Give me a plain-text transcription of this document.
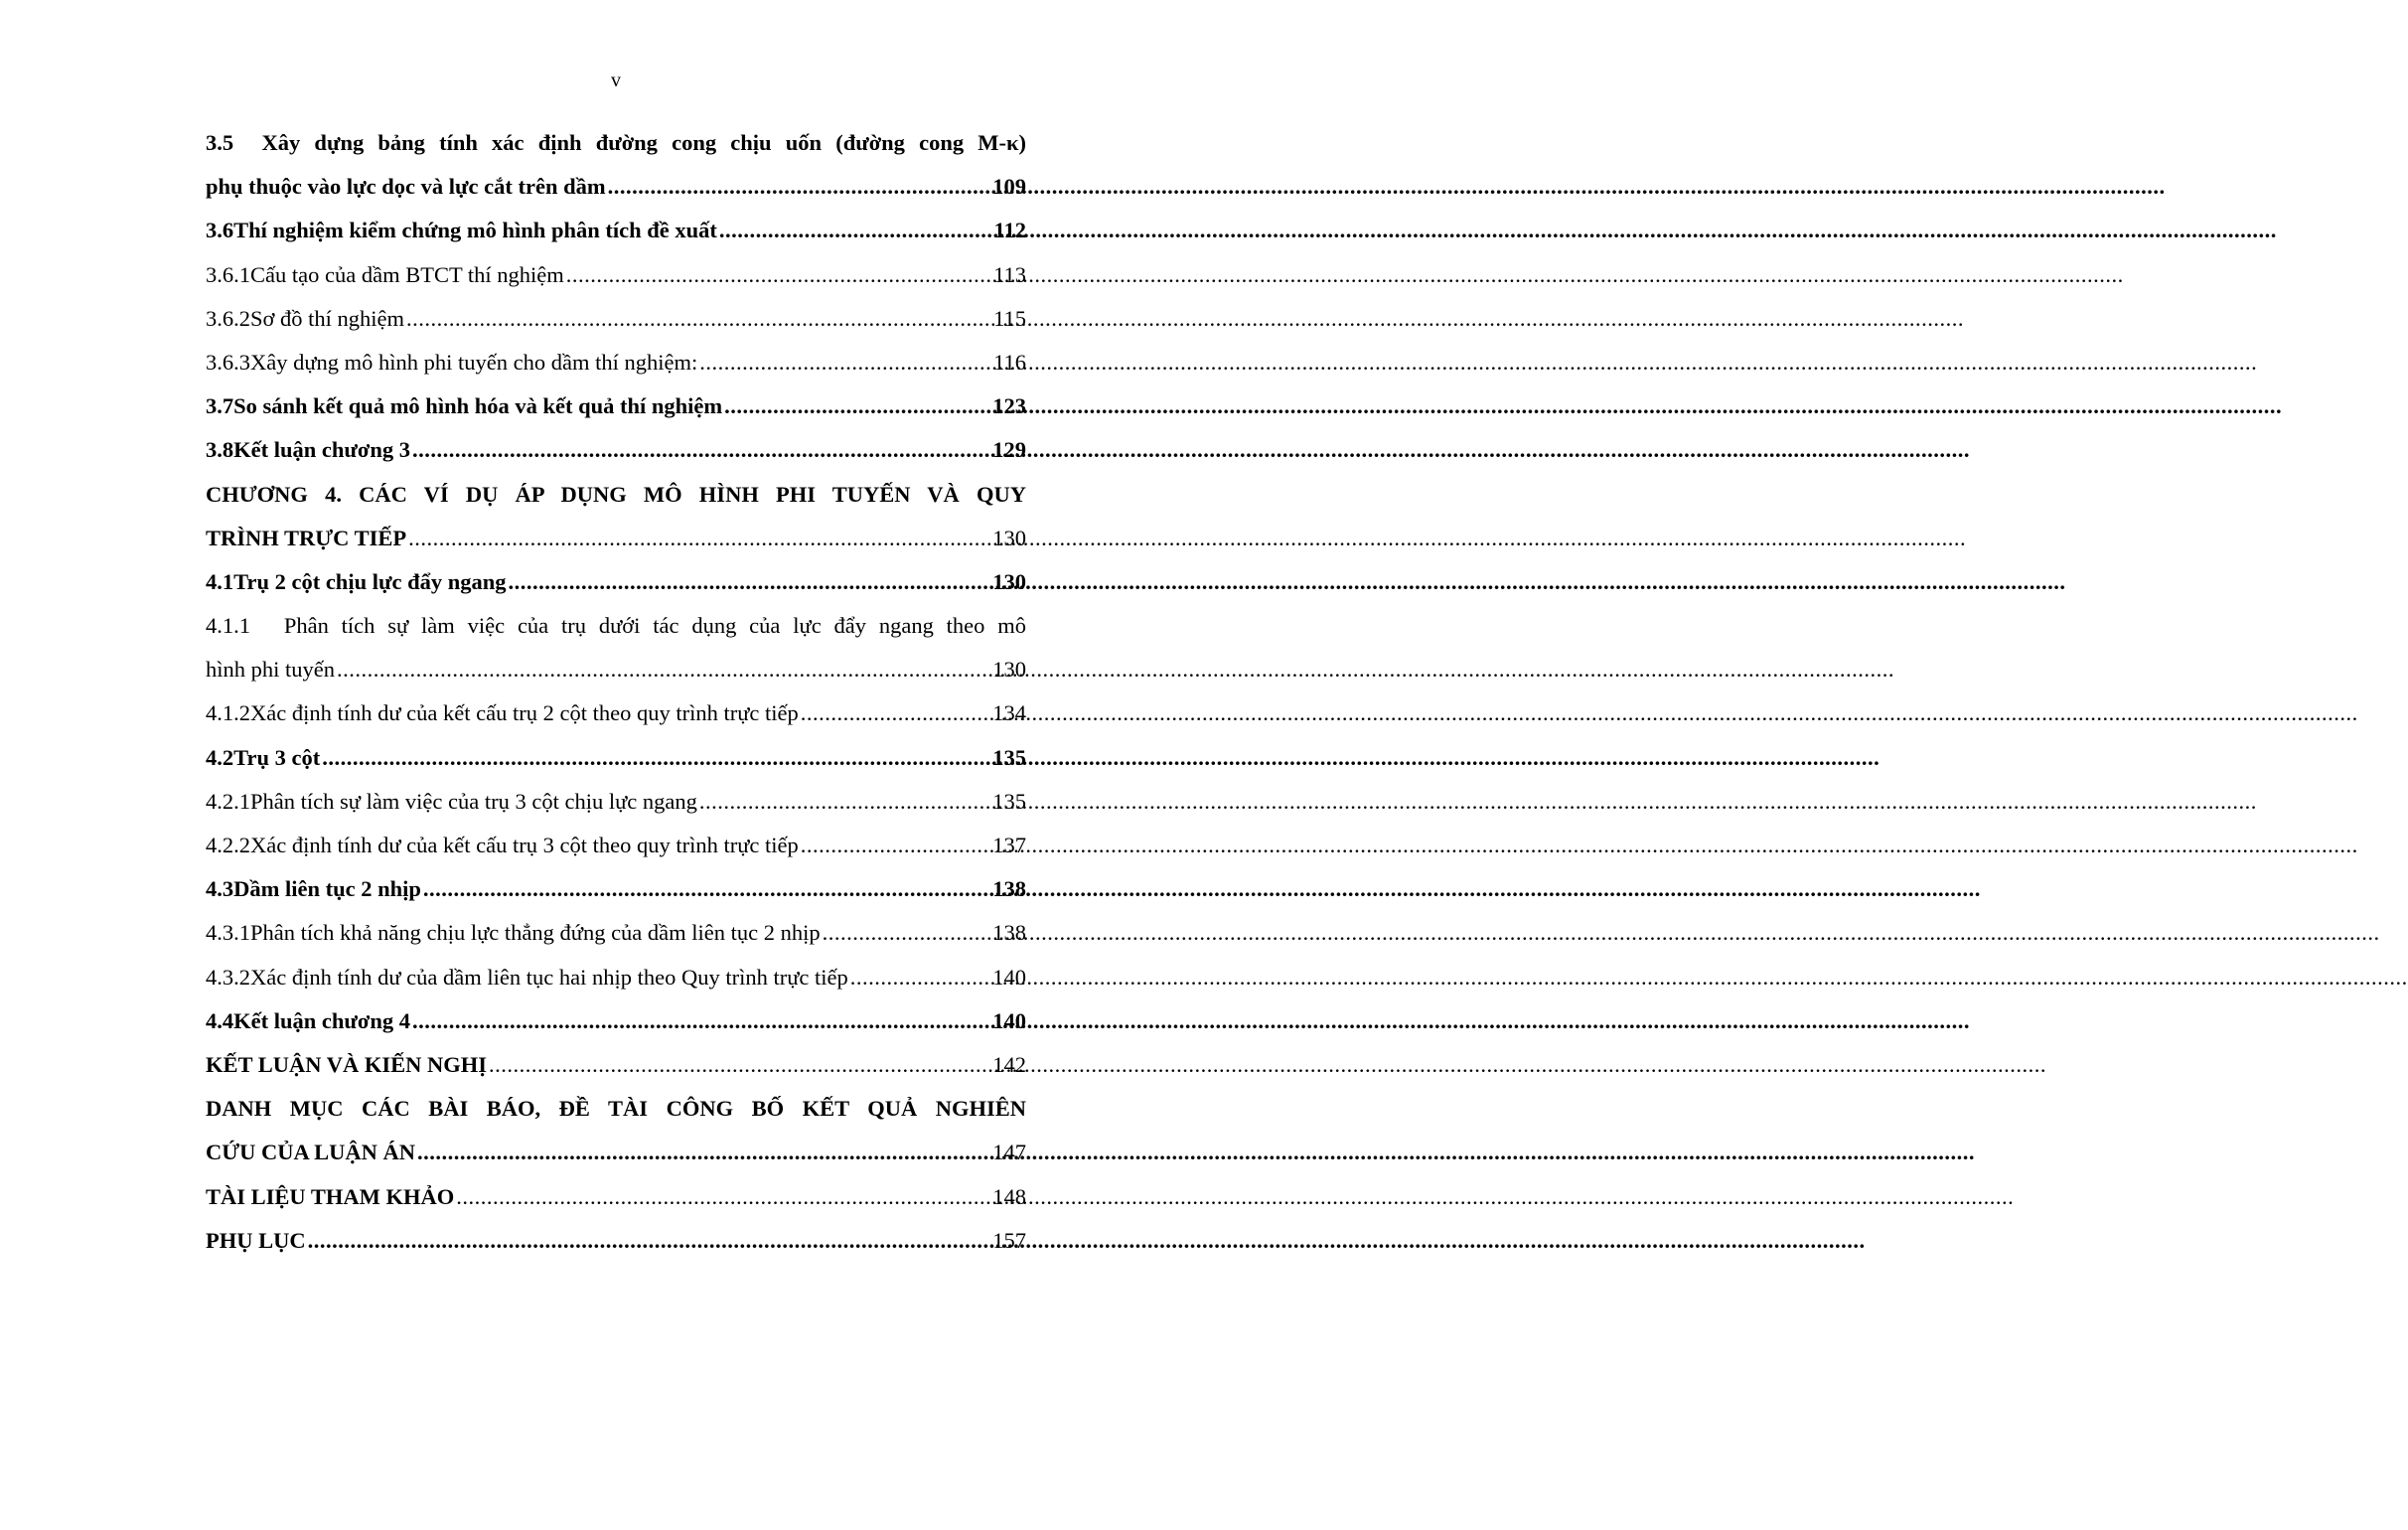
v
3.5 Xây dựng bảng tính xác định đường cong chịu uốn (đường cong M-κ)
phụ thuộc vào lực dọc và lực cắt trên dầm .....	109
3.6 Thí nghiệm kiểm chứng mô hình phân tích đề xuất .....	112
3.6.1 Cấu tạo của dầm BTCT thí nghiệm .....	113
3.6.2 Sơ đồ thí nghiệm .....	115
3.6.3 Xây dựng mô hình phi tuyến cho dầm thí nghiệm: .....	116
3.7 So sánh kết quả mô hình hóa và kết quả thí nghiệm .....	123
3.8 Kết luận chương 3 .....	129
CHƯƠNG 4. CÁC VÍ DỤ ÁP DỤNG MÔ HÌNH PHI TUYẾN VÀ QUY
TRÌNH TRỰC TIẾP .....	130
4.1 Trụ 2 cột chịu lực đẩy ngang .....	130
4.1.1 Phân tích sự làm việc của trụ dưới tác dụng của lực đẩy ngang theo mô
hình phi tuyến .....	130
4.1.2 Xác định tính dư của kết cấu trụ 2 cột theo quy trình trực tiếp .....	134
4.2 Trụ 3 cột .....	135
4.2.1 Phân tích sự làm việc của trụ 3 cột chịu lực ngang .....	135
4.2.2 Xác định tính dư của kết cấu trụ 3 cột theo quy trình trực tiếp .....	137
4.3 Dầm liên tục 2 nhịp .....	138
4.3.1 Phân tích khả năng chịu lực thẳng đứng của dầm liên tục 2 nhịp .....	138
4.3.2 Xác định tính dư của dầm liên tục hai nhịp theo Quy trình trực tiếp .....	140
4.4 Kết luận chương 4 .....	140
KẾT LUẬN VÀ KIẾN NGHỊ .....	142
DANH MỤC CÁC BÀI BÁO, ĐỀ TÀI CÔNG BỐ KẾT QUẢ NGHIÊN
CỨU CỦA LUẬN ÁN .....	147
TÀI LIỆU THAM KHẢO .....	148
PHỤ LỤC .....	157
